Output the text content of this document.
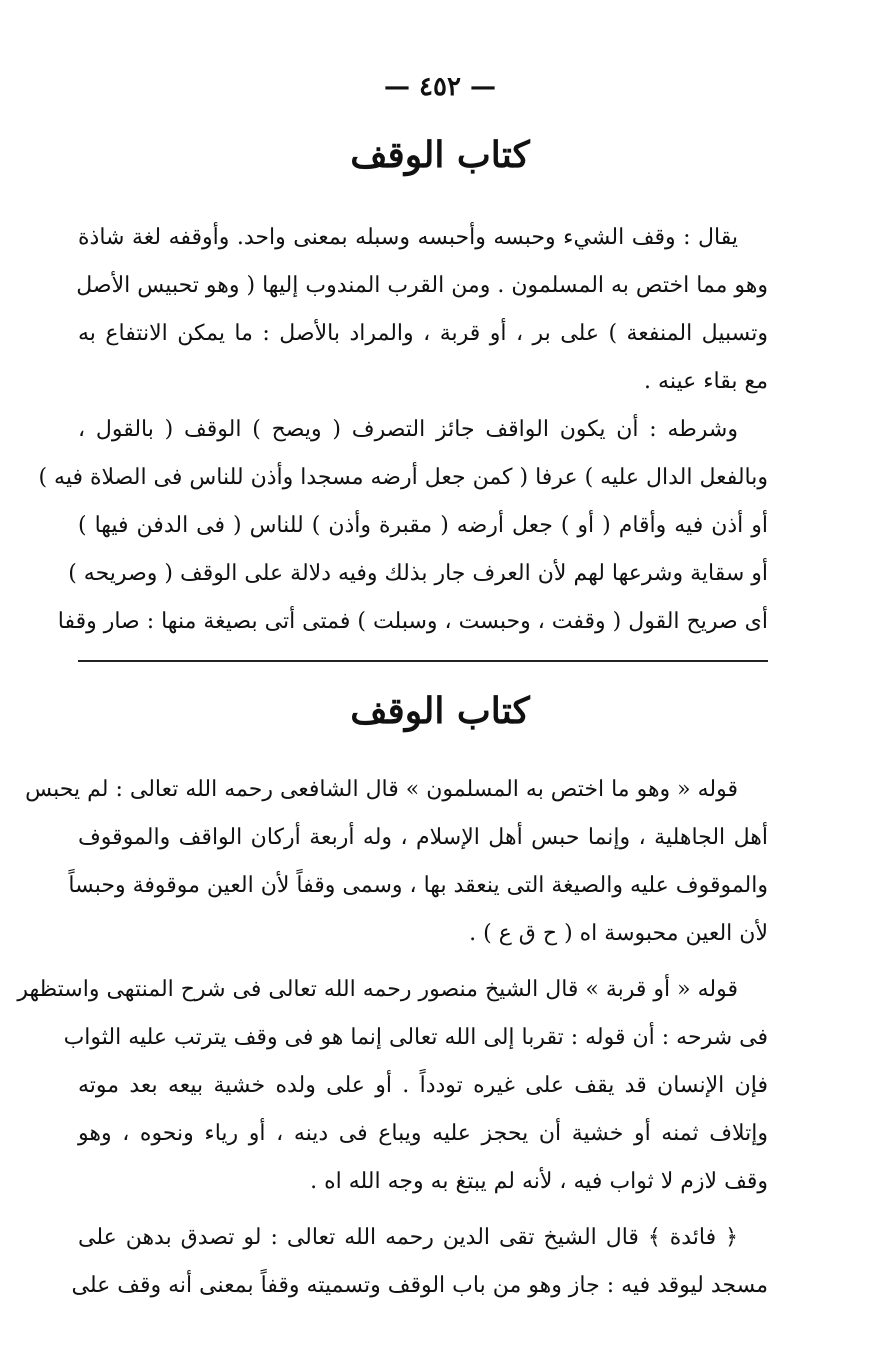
— ٤٥٢ —
كتاب الوقف
يقال : وقف الشيء وحبسه وأحبسه وسبله بمعنى واحد. وأوقفه لغة شاذة
وهو مما اختص به المسلمون . ومن القرب المندوب إليها ( وهو تحبيس الأصل
وتسبيل المنفعة ) على بر ، أو قربة ، والمراد بالأصل : ما يمكن الانتفاع به
مع بقاء عينه .
وشرطه : أن يكون الواقف جائز التصرف ( ويصح ) الوقف ( بالقول ،
وبالفعل الدال عليه ) عرفا ( كمن جعل أرضه مسجدا وأذن للناس فى الصلاة فيه )
أو أذن فيه وأقام ( أو ) جعل أرضه ( مقبرة وأذن ) للناس ( فى الدفن فيها )
أو سقاية وشرعها لهم لأن العرف جار بذلك وفيه دلالة على الوقف ( وصريحه )
أى صريح القول ( وقفت ، وحبست ، وسبلت ) فمتى أتى بصيغة منها : صار وقفا
كتاب الوقف
قوله « وهو ما اختص به المسلمون » قال الشافعى رحمه الله تعالى : لم يحبس
أهل الجاهلية ، وإنما حبس أهل الإسلام ، وله أربعة أركان الواقف والموقوف
والموقوف عليه والصيغة التى ينعقد بها ، وسمى وقفاً لأن العين موقوفة وحبساً
لأن العين محبوسة اه ( ح ق ع ) .
قوله « أو قربة » قال الشيخ منصور رحمه الله تعالى فى شرح المنتهى واستظهر
فى شرحه : أن قوله : تقربا إلى الله تعالى إنما هو فى وقف يترتب عليه الثواب
فإن الإنسان قد يقف على غيره تودداً . أو على ولده خشية بيعه بعد موته
وإتلاف ثمنه أو خشية أن يحجز عليه ويباع فى دينه ، أو رياء ونحوه ، وهو
وقف لازم لا ثواب فيه ، لأنه لم يبتغ به وجه الله اه .
﴿ فائدة ﴾ قال الشيخ تقى الدين رحمه الله تعالى : لو تصدق بدهن على
مسجد ليوقد فيه : جاز وهو من باب الوقف وتسميته وقفاً بمعنى أنه وقف على
